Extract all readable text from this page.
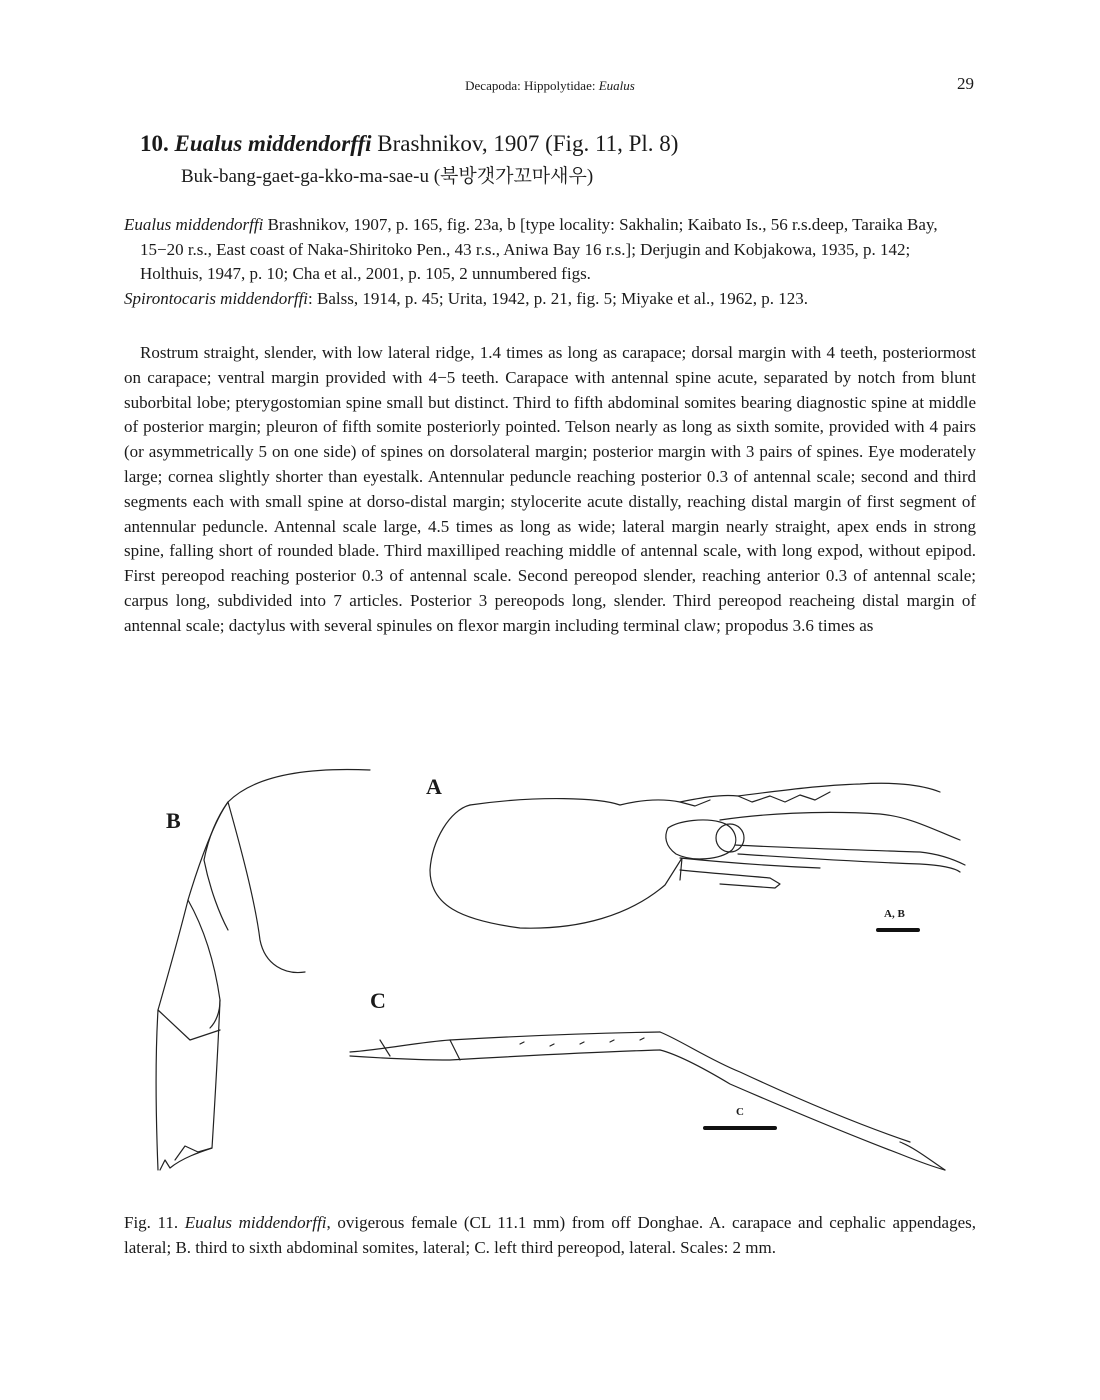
Decapoda: Hippolytidae: Eualus	29
10. Eualus middendorffi Brashnikov, 1907 (Fig. 11, Pl. 8)
Buk-bang-gaet-ga-kko-ma-sae-u (북방갯가꼬마새우)

Eualus middendorffi Brashnikov, 1907, p. 165, fig. 23a, b [type locality: Sakhalin; Kaibato Is., 56 r.s.deep, Taraika Bay, 15−20 r.s., East coast of Naka-Shiritoko Pen., 43 r.s., Aniwa Bay 16 r.s.]; Derjugin and Kobjakowa, 1935, p. 142; Holthuis, 1947, p. 10; Cha et al., 2001, p. 105, 2 unnumbered figs.

Spirontocaris middendorffi: Balss, 1914, p. 45; Urita, 1942, p. 21, fig. 5; Miyake et al., 1962, p. 123.

Rostrum straight, slender, with low lateral ridge, 1.4 times as long as carapace; dorsal margin with 4 teeth, posteriormost on carapace; ventral margin provided with 4−5 teeth. Carapace with antennal spine acute, separated by notch from blunt suborbital lobe; pterygostomian spine small but distinct. Third to fifth abdominal somites bearing diagnostic spine at middle of posterior margin; pleuron of fifth somite posteriorly pointed. Telson nearly as long as sixth somite, provided with 4 pairs (or asymmetrically 5 on one side) of spines on dorsolateral margin; posterior margin with 3 pairs of spines. Eye moderately large; cornea slightly shorter than eyestalk. Antennular peduncle reaching posterior 0.3 of antennal scale; second and third segments each with small spine at dorso-distal margin; stylocerite acute distally, reaching distal margin of first segment of antennular peduncle. Antennal scale large, 4.5 times as long as wide; lateral margin nearly straight, apex ends in strong spine, falling short of rounded blade. Third maxilliped reaching middle of antennal scale, with long expod, without epipod. First pereopod reaching posterior 0.3 of antennal scale. Second pereopod slender, reaching anterior 0.3 of antennal scale; carpus long, subdivided into 7 articles. Posterior 3 pereopods long, slender. Third pereopod reacheing distal margin of antennal scale; dactylus with several spinules on flexor margin including terminal claw; propodus 3.6 times as

A
B
C
A, B
C

Fig. 11. Eualus middendorffi, ovigerous female (CL 11.1 mm) from off Donghae. A. carapace and cephalic appendages, lateral; B. third to sixth abdominal somites, lateral; C. left third pereopod, lateral. Scales: 2 mm.
